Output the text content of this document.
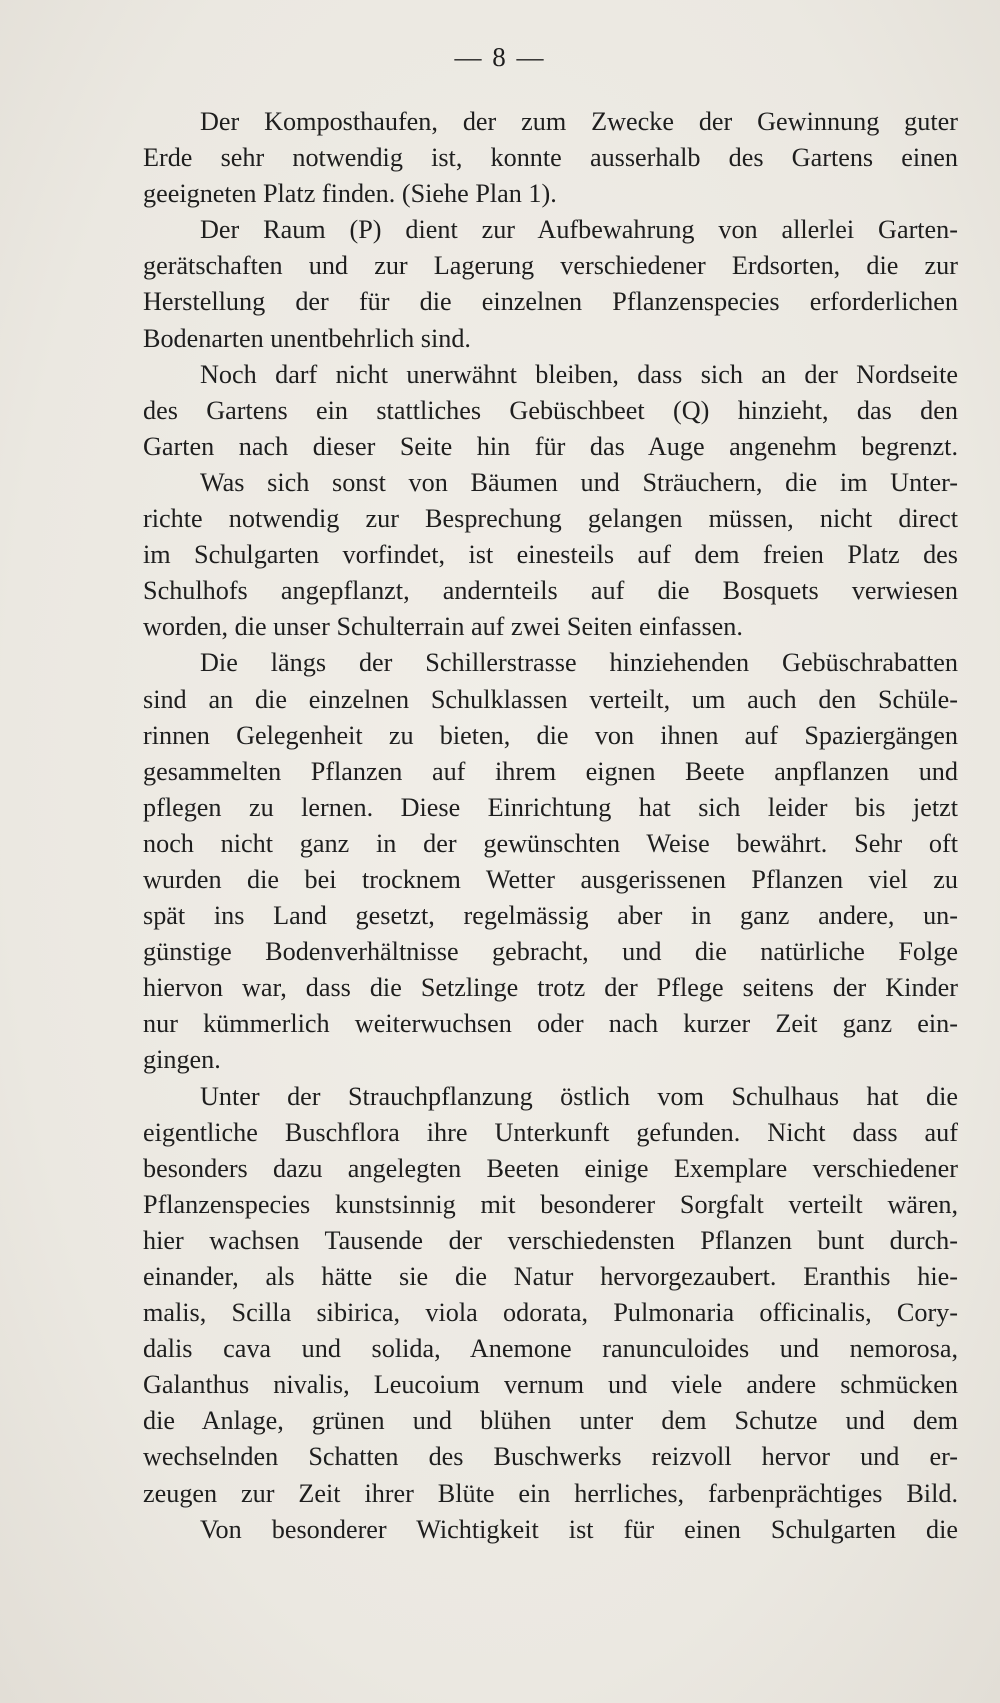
— 8 —
Der Komposthaufen, der zum Zwecke der Gewinnung guter
Erde sehr notwendig ist, konnte ausserhalb des Gartens einen
geeigneten Platz finden. (Siehe Plan 1).
Der Raum (P) dient zur Aufbewahrung von allerlei Garten-
gerätschaften und zur Lagerung verschiedener Erdsorten, die zur
Herstellung der für die einzelnen Pflanzenspecies erforderlichen
Bodenarten unentbehrlich sind.
Noch darf nicht unerwähnt bleiben, dass sich an der Nordseite
des Gartens ein stattliches Gebüschbeet (Q) hinzieht, das den
Garten nach dieser Seite hin für das Auge angenehm begrenzt.
Was sich sonst von Bäumen und Sträuchern, die im Unter-
richte notwendig zur Besprechung gelangen müssen, nicht direct
im Schulgarten vorfindet, ist einesteils auf dem freien Platz des
Schulhofs angepflanzt, andernteils auf die Bosquets verwiesen
worden, die unser Schulterrain auf zwei Seiten einfassen.
Die längs der Schillerstrasse hinziehenden Gebüschrabatten
sind an die einzelnen Schulklassen verteilt, um auch den Schüle-
rinnen Gelegenheit zu bieten, die von ihnen auf Spaziergängen
gesammelten Pflanzen auf ihrem eignen Beete anpflanzen und
pflegen zu lernen. Diese Einrichtung hat sich leider bis jetzt
noch nicht ganz in der gewünschten Weise bewährt. Sehr oft
wurden die bei trocknem Wetter ausgerissenen Pflanzen viel zu
spät ins Land gesetzt, regelmässig aber in ganz andere, un-
günstige Bodenverhältnisse gebracht, und die natürliche Folge
hiervon war, dass die Setzlinge trotz der Pflege seitens der Kinder
nur kümmerlich weiterwuchsen oder nach kurzer Zeit ganz ein-
gingen.
Unter der Strauchpflanzung östlich vom Schulhaus hat die
eigentliche Buschflora ihre Unterkunft gefunden. Nicht dass auf
besonders dazu angelegten Beeten einige Exemplare verschiedener
Pflanzenspecies kunstsinnig mit besonderer Sorgfalt verteilt wären,
hier wachsen Tausende der verschiedensten Pflanzen bunt durch-
einander, als hätte sie die Natur hervorgezaubert. Eranthis hie-
malis, Scilla sibirica, viola odorata, Pulmonaria officinalis, Cory-
dalis cava und solida, Anemone ranunculoides und nemorosa,
Galanthus nivalis, Leucoium vernum und viele andere schmücken
die Anlage, grünen und blühen unter dem Schutze und dem
wechselnden Schatten des Buschwerks reizvoll hervor und er-
zeugen zur Zeit ihrer Blüte ein herrliches, farbenprächtiges Bild.
Von besonderer Wichtigkeit ist für einen Schulgarten die
